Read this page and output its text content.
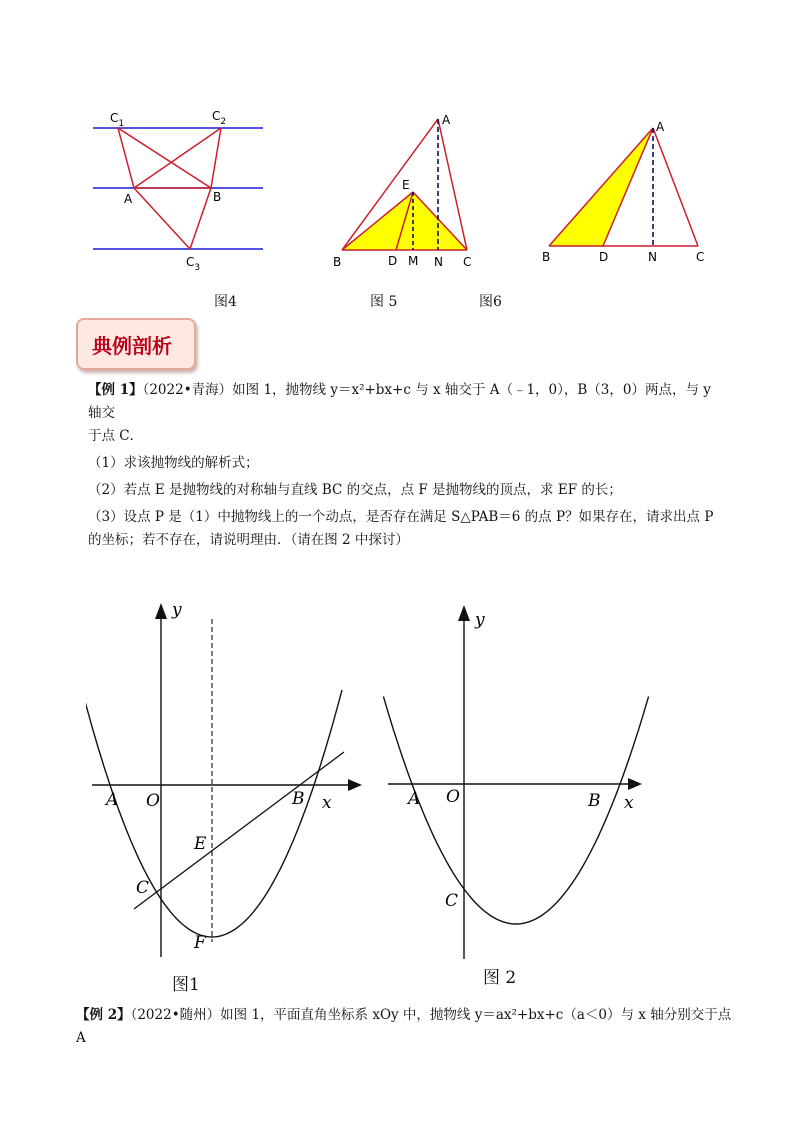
$C_1$
$C_2$
A	B
$C_3$
图4
A
E
B	D M N C
图 5
A
B	D	N	C
图6
典例剖析
【例 1】（2022•青海）如图 1，抛物线 y＝x²+bx+c 与 x 轴交于 A（﹣1，0），B（3，0）两点，与 y 轴交
于点 C．
（1）求该抛物线的解析式；
（2）若点 E 是抛物线的对称轴与直线 BC 的交点，点 F 是抛物线的顶点，求 EF 的长；
（3）设点 P 是（1）中抛物线上的一个动点，是否存在满足 S△PAB＝6 的点 P？如果存在，请求出点 P
的坐标；若不存在，请说明理由．（请在图 2 中探讨）
y
x
A O	B
E
C
F
图1
y
x
A O	B
C
图 2
【例 2】（2022•随州）如图 1，平面直角坐标系 xOy 中，抛物线 y＝ax²+bx+c（a＜0）与 x 轴分别交于点 A
